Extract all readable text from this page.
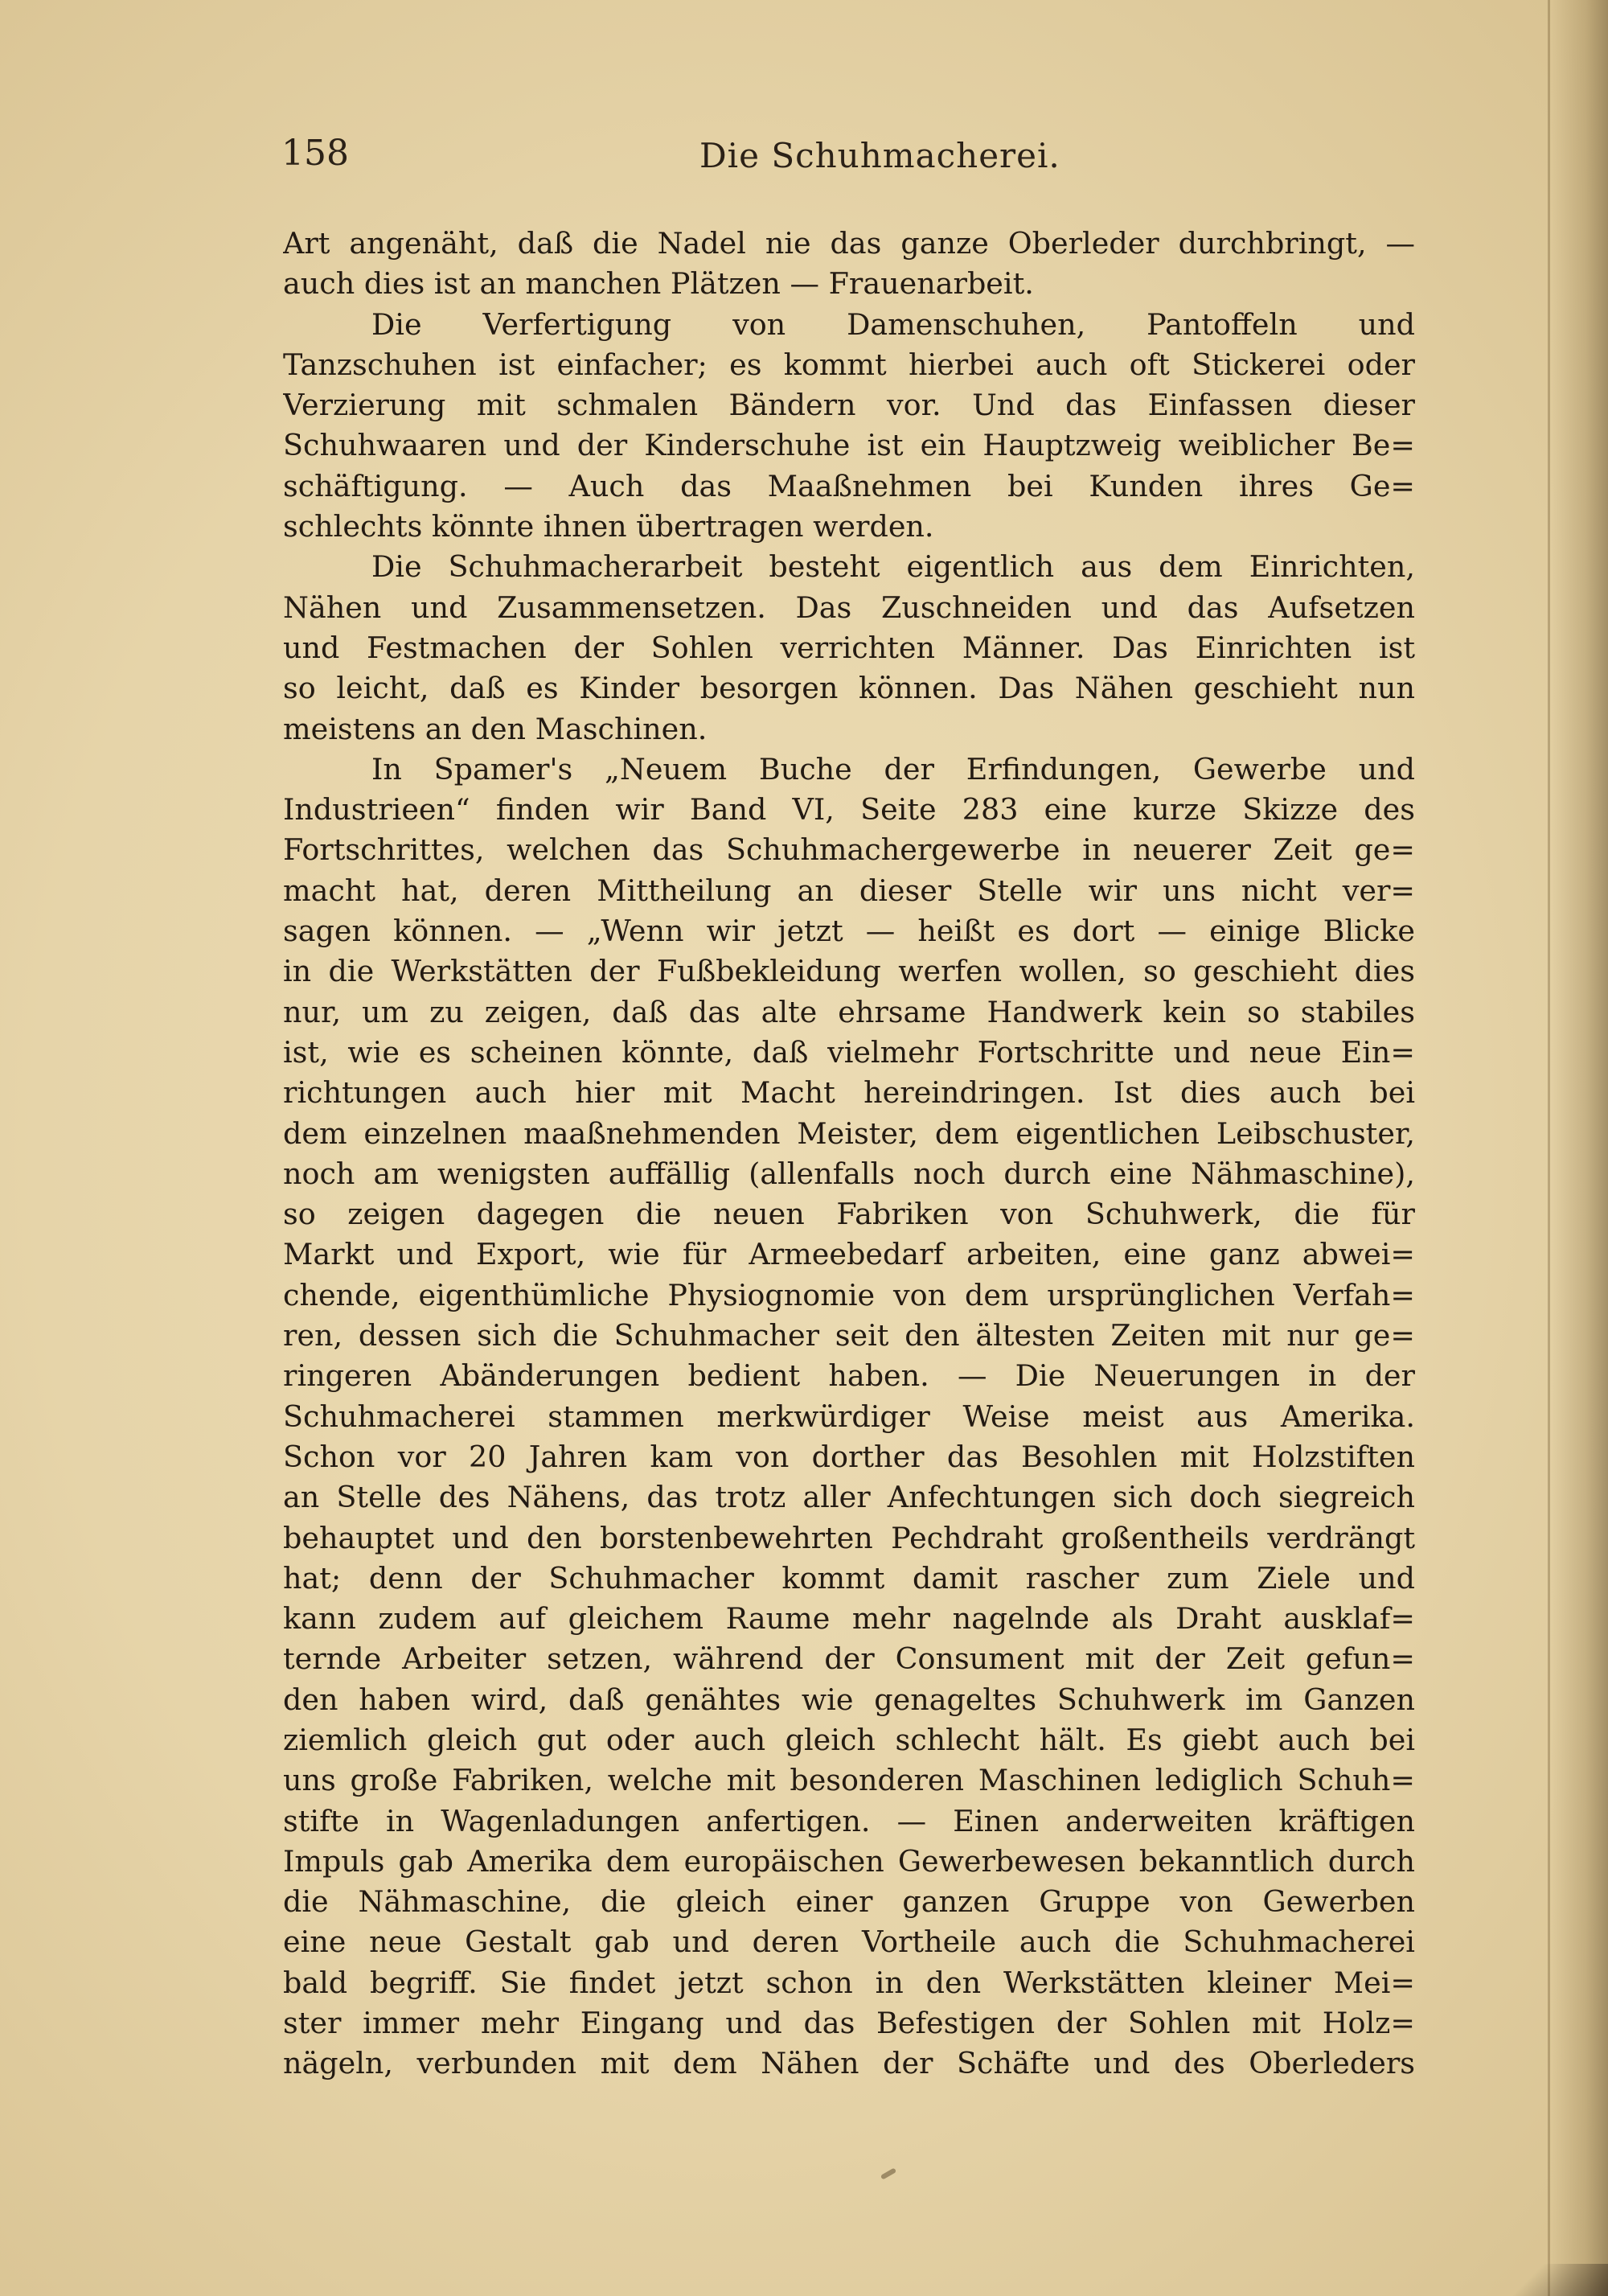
158	Die Schuhmacherei.
Art angenäht, daß die Nadel nie das ganze Oberleder durchbringt, —
auch dies ist an manchen Plätzen — Frauenarbeit.
Die Verfertigung von Damenschuhen, Pantoffeln und
Tanzschuhen ist einfacher; es kommt hierbei auch oft Stickerei oder
Verzierung mit schmalen Bändern vor. Und das Einfassen dieser
Schuhwaaren und der Kinderschuhe ist ein Hauptzweig weiblicher Be=
schäftigung. — Auch das Maaßnehmen bei Kunden ihres Ge=
schlechts könnte ihnen übertragen werden.
Die Schuhmacherarbeit besteht eigentlich aus dem Einrichten,
Nähen und Zusammensetzen. Das Zuschneiden und das Aufsetzen
und Festmachen der Sohlen verrichten Männer. Das Einrichten ist
so leicht, daß es Kinder besorgen können. Das Nähen geschieht nun
meistens an den Maschinen.
In Spamer's „Neuem Buche der Erfindungen, Gewerbe und
Industrieen“ finden wir Band VI, Seite 283 eine kurze Skizze des
Fortschrittes, welchen das Schuhmachergewerbe in neuerer Zeit ge=
macht hat, deren Mittheilung an dieser Stelle wir uns nicht ver=
sagen können. — „Wenn wir jetzt — heißt es dort — einige Blicke
in die Werkstätten der Fußbekleidung werfen wollen, so geschieht dies
nur, um zu zeigen, daß das alte ehrsame Handwerk kein so stabiles
ist, wie es scheinen könnte, daß vielmehr Fortschritte und neue Ein=
richtungen auch hier mit Macht hereindringen. Ist dies auch bei
dem einzelnen maaßnehmenden Meister, dem eigentlichen Leibschuster,
noch am wenigsten auffällig (allenfalls noch durch eine Nähmaschine),
so zeigen dagegen die neuen Fabriken von Schuhwerk, die für
Markt und Export, wie für Armeebedarf arbeiten, eine ganz abwei=
chende, eigenthümliche Physiognomie von dem ursprünglichen Verfah=
ren, dessen sich die Schuhmacher seit den ältesten Zeiten mit nur ge=
ringeren Abänderungen bedient haben. — Die Neuerungen in der
Schuhmacherei stammen merkwürdiger Weise meist aus Amerika.
Schon vor 20 Jahren kam von dorther das Besohlen mit Holzstiften
an Stelle des Nähens, das trotz aller Anfechtungen sich doch siegreich
behauptet und den borstenbewehrten Pechdraht großentheils verdrängt
hat; denn der Schuhmacher kommt damit rascher zum Ziele und
kann zudem auf gleichem Raume mehr nagelnde als Draht ausklaf=
ternde Arbeiter setzen, während der Consument mit der Zeit gefun=
den haben wird, daß genähtes wie genageltes Schuhwerk im Ganzen
ziemlich gleich gut oder auch gleich schlecht hält. Es giebt auch bei
uns große Fabriken, welche mit besonderen Maschinen lediglich Schuh=
stifte in Wagenladungen anfertigen. — Einen anderweiten kräftigen
Impuls gab Amerika dem europäischen Gewerbewesen bekanntlich durch
die Nähmaschine, die gleich einer ganzen Gruppe von Gewerben
eine neue Gestalt gab und deren Vortheile auch die Schuhmacherei
bald begriff. Sie findet jetzt schon in den Werkstätten kleiner Mei=
ster immer mehr Eingang und das Befestigen der Sohlen mit Holz=
nägeln, verbunden mit dem Nähen der Schäfte und des Oberleders
